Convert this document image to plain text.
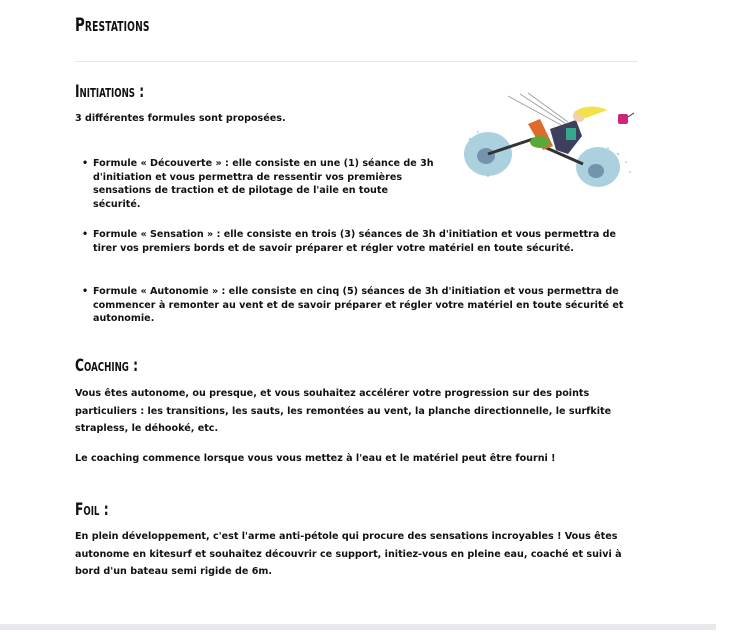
Prestations
Initiations :
3 différentes formules sont proposées.
• Formule « Découverte » : elle consiste en une (1) séance de 3h d'initiation et vous permettra de ressentir vos premières sensations de traction et de pilotage de l'aile en toute sécurité.
• Formule « Sensation » : elle consiste en trois (3) séances de 3h d'initiation et vous permettra de tirer vos premiers bords et de savoir préparer et régler votre matériel en toute sécurité.
• Formule « Autonomie » : elle consiste en cinq (5) séances de 3h d'initiation et vous permettra de commencer à remonter au vent et de savoir préparer et régler votre matériel en toute sécurité et autonomie.
Coaching :
Vous êtes autonome, ou presque, et vous souhaitez accélérer votre progression sur des points particuliers : les transitions, les sauts, les remontées au vent, la planche directionnelle, le surfkite strapless, le déhooké, etc.
Le coaching commence lorsque vous vous mettez à l'eau et le matériel peut être fourni !
Foil :
En plein développement, c'est l'arme anti-pétole qui procure des sensations incroyables ! Vous êtes autonome en kitesurf et souhaitez découvrir ce support, initiez-vous en pleine eau, coaché et suivi à bord d'un bateau semi rigide de 6m.
